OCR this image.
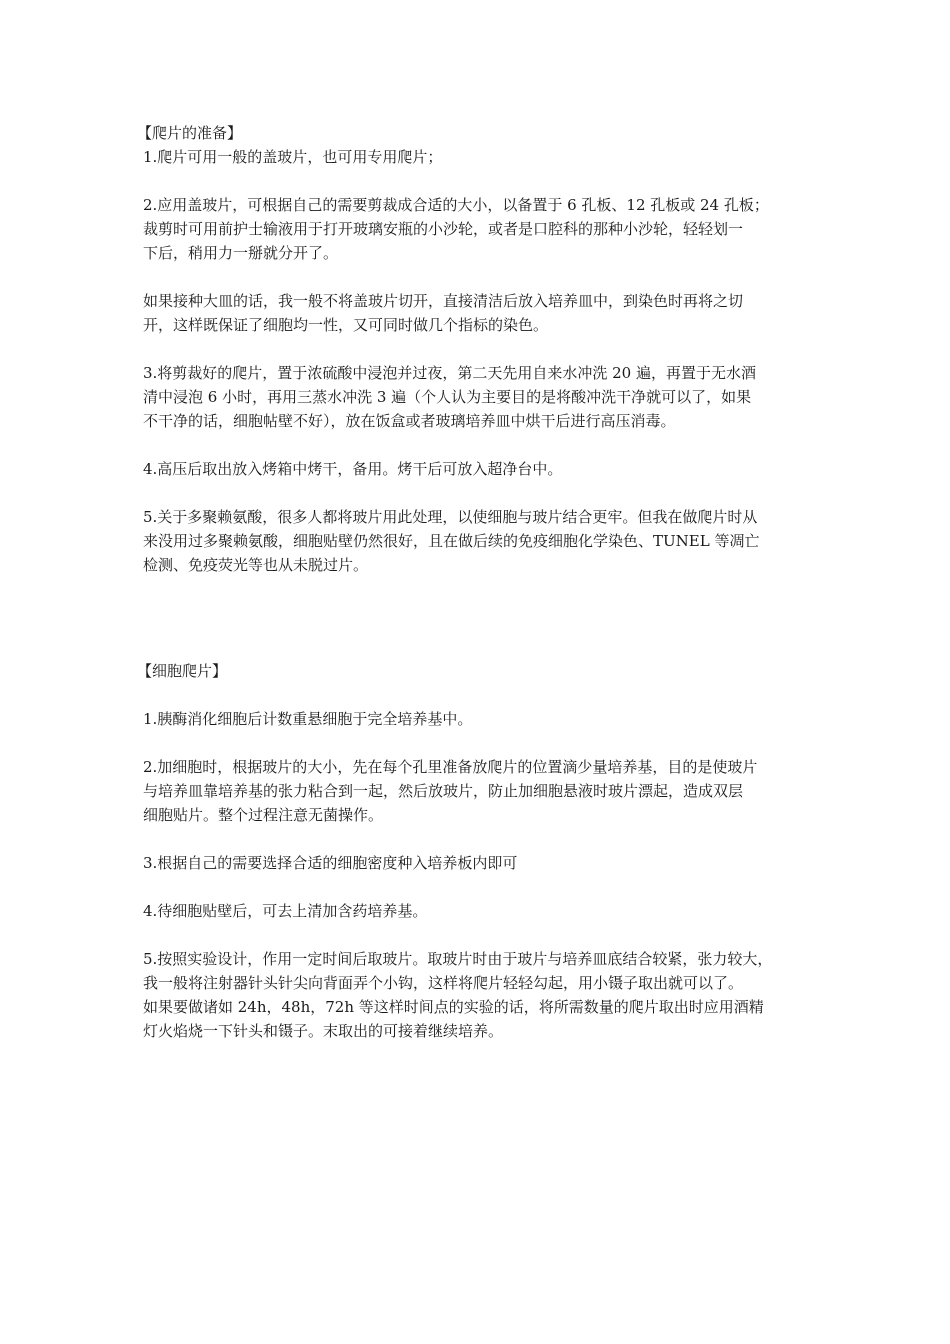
【爬片的准备】
1.爬片可用一般的盖玻片，也可用专用爬片；
2.应用盖玻片，可根据自己的需要剪裁成合适的大小，以备置于 6 孔板、12 孔板或 24 孔板；
裁剪时可用前护士输液用于打开玻璃安瓶的小沙轮，或者是口腔科的那种小沙轮，轻轻划一
下后，稍用力一掰就分开了。
如果接种大皿的话，我一般不将盖玻片切开，直接清洁后放入培养皿中，到染色时再将之切
开，这样既保证了细胞均一性，又可同时做几个指标的染色。
3.将剪裁好的爬片，置于浓硫酸中浸泡并过夜，第二天先用自来水冲洗 20 遍，再置于无水酒
清中浸泡 6 小时，再用三蒸水冲洗 3 遍（个人认为主要目的是将酸冲洗干净就可以了，如果
不干净的话，细胞帖壁不好），放在饭盒或者玻璃培养皿中烘干后进行高压消毒。
4.高压后取出放入烤箱中烤干，备用。烤干后可放入超净台中。
5.关于多聚赖氨酸，很多人都将玻片用此处理，以使细胞与玻片结合更牢。但我在做爬片时从
来没用过多聚赖氨酸，细胞贴壁仍然很好，且在做后续的免疫细胞化学染色、TUNEL 等凋亡
检测、免疫荧光等也从未脱过片。
【细胞爬片】
1.胰酶消化细胞后计数重悬细胞于完全培养基中。
2.加细胞时，根据玻片的大小，先在每个孔里准备放爬片的位置滴少量培养基，目的是使玻片
与培养皿靠培养基的张力粘合到一起，然后放玻片，防止加细胞悬液时玻片漂起，造成双层
细胞贴片。整个过程注意无菌操作。
3.根据自己的需要选择合适的细胞密度种入培养板内即可
4.待细胞贴壁后，可去上清加含药培养基。
5.按照实验设计，作用一定时间后取玻片。取玻片时由于玻片与培养皿底结合较紧，张力较大，
我一般将注射器针头针尖向背面弄个小钩，这样将爬片轻轻勾起，用小镊子取出就可以了。
如果要做诸如 24h，48h，72h 等这样时间点的实验的话，将所需数量的爬片取出时应用酒精
灯火焰烧一下针头和镊子。末取出的可接着继续培养。
